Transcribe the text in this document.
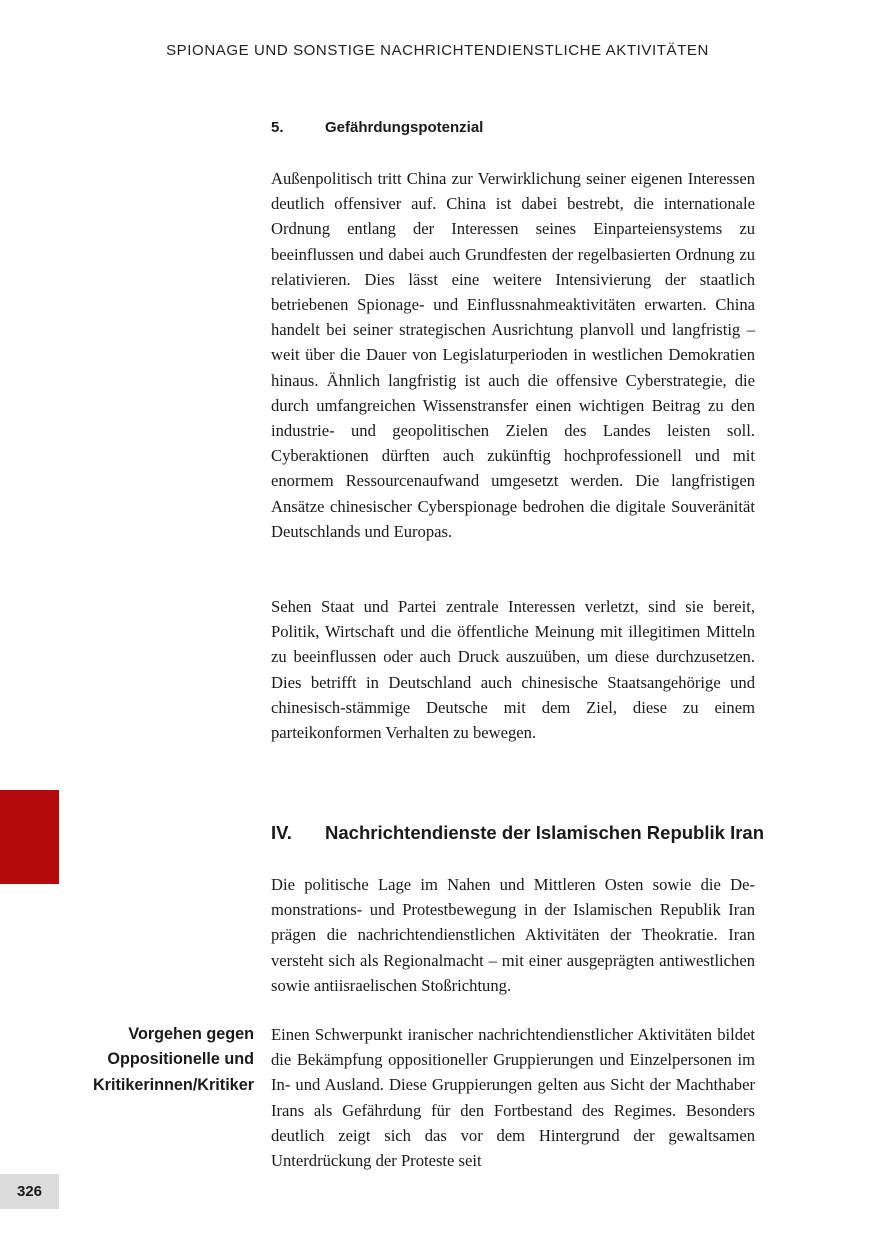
SPIONAGE UND SONSTIGE NACHRICHTENDIENSTLICHE AKTIVITÄTEN
5.	Gefährdungspotenzial

Außenpolitisch tritt China zur Verwirklichung seiner eigenen Interessen deutlich offensiver auf. China ist dabei bestrebt, die internationale Ordnung entlang der Interessen seines Einparteiensystems zu beeinflussen und dabei auch Grundfesten der regelbasierten Ordnung zu relativieren. Dies lässt eine weitere Intensivierung der staatlich betriebenen Spionage- und Einflussnahmeaktivitäten erwarten. China handelt bei seiner strategischen Ausrichtung planvoll und langfristig – weit über die Dauer von Legislaturperioden in westlichen Demokratien hinaus. Ähnlich langfristig ist auch die offensive Cyberstrategie, die durch umfangreichen Wissenstransfer einen wichtigen Beitrag zu den industrie- und geopolitischen Zielen des Landes leisten soll. Cyberaktionen dürften auch zukünftig hochprofessionell und mit enormem Ressourcenaufwand umgesetzt werden. Die langfristigen Ansätze chinesischer Cyberspionage bedrohen die digitale Souveränität Deutschlands und Europas.

Sehen Staat und Partei zentrale Interessen verletzt, sind sie bereit, Politik, Wirtschaft und die öffentliche Meinung mit illegitimen Mitteln zu beeinflussen oder auch Druck auszuüben, um diese durchzusetzen. Dies betrifft in Deutschland auch chinesische Staatsangehörige und chinesisch-stämmige Deutsche mit dem Ziel, diese zu einem parteikonformen Verhalten zu bewegen.

IV. Nachrichtendienste der Islamischen Republik Iran

Die politische Lage im Nahen und Mittleren Osten sowie die Demonstrations- und Protestbewegung in der Islamischen Republik Iran prägen die nachrichtendienstlichen Aktivitäten der Theokratie. Iran versteht sich als Regionalmacht – mit einer ausgeprägten antiwestlichen sowie antiisraelischen Stoßrichtung.

Vorgehen gegen
Oppositionelle und
Kritikerinnen/Kritiker

Einen Schwerpunkt iranischer nachrichtendienstlicher Aktivitäten bildet die Bekämpfung oppositioneller Gruppierungen und Einzelpersonen im In- und Ausland. Diese Gruppierungen gelten aus Sicht der Machthaber Irans als Gefährdung für den Fortbestand des Regimes. Besonders deutlich zeigt sich das vor dem Hintergrund der gewaltsamen Unterdrückung der Proteste seit

326
